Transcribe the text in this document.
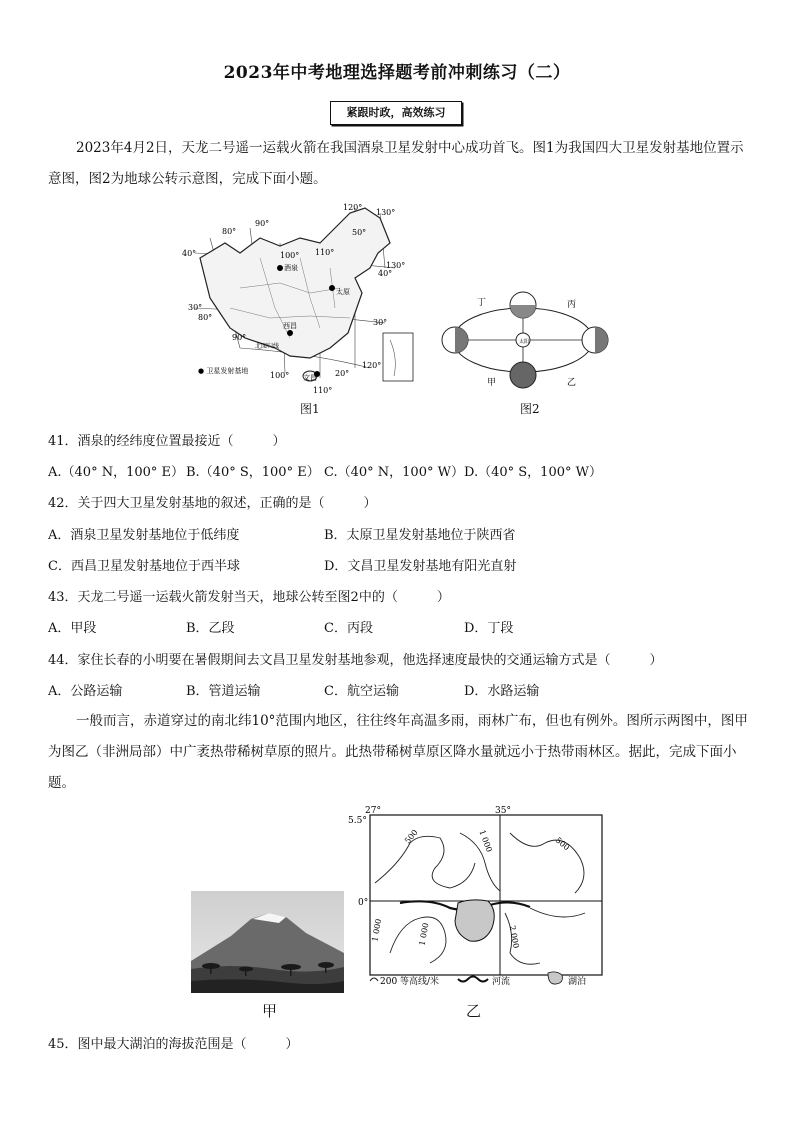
2023年中考地理选择题考前冲刺练习（二）
紧跟时政，高效练习
2023年4月2日，天龙二号遥一运载火箭在我国酒泉卫星发射中心成功首飞。图1为我国四大卫星发射基地位置示意图，图2为地球公转示意图，完成下面小题。
酒泉
太原
西昌
文昌
北回归线
80°
90°
100° 110°
120°
130°
100°
110°
120°
80°
90°
50°
130°
40°
30°
20°
30°
40°
● 卫星发射基地
图1
太阳
丁	丙
甲	乙
图2
41．酒泉的经纬度位置最接近（　　　）
A.（40° N，100° E） B.（40° S，100° E） C.（40° N，100° W） D.（40° S，100° W）
42．关于四大卫星发射基地的叙述，正确的是（　　　）
A．酒泉卫星发射基地位于低纬度	B．太原卫星发射基地位于陕西省
C．西昌卫星发射基地位于西半球	D．文昌卫星发射基地有阳光直射
43．天龙二号遥一运载火箭发射当天，地球公转至图2中的（　　　）
A．甲段	B．乙段	C．丙段	D．丁段
44．家住长春的小明要在暑假期间去文昌卫星发射基地参观，他选择速度最快的交通运输方式是（　　　）
A．公路运输	B．管道运输	C．航空运输	D．水路运输
一般而言，赤道穿过的南北纬10°范围内地区，往往终年高温多雨，雨林广布，但也有例外。图所示两图中，图甲为图乙（非洲局部）中广袤热带稀树草原的照片。此热带稀树草原区降水量就远小于热带雨林区。据此，完成下面小题。
甲
5.5°
0°
27°	35°
500	1 000	500
1 000	1 000	2 000
200 等高线/米	河流	湖泊
乙
45．图中最大湖泊的海拔范围是（　　　）
